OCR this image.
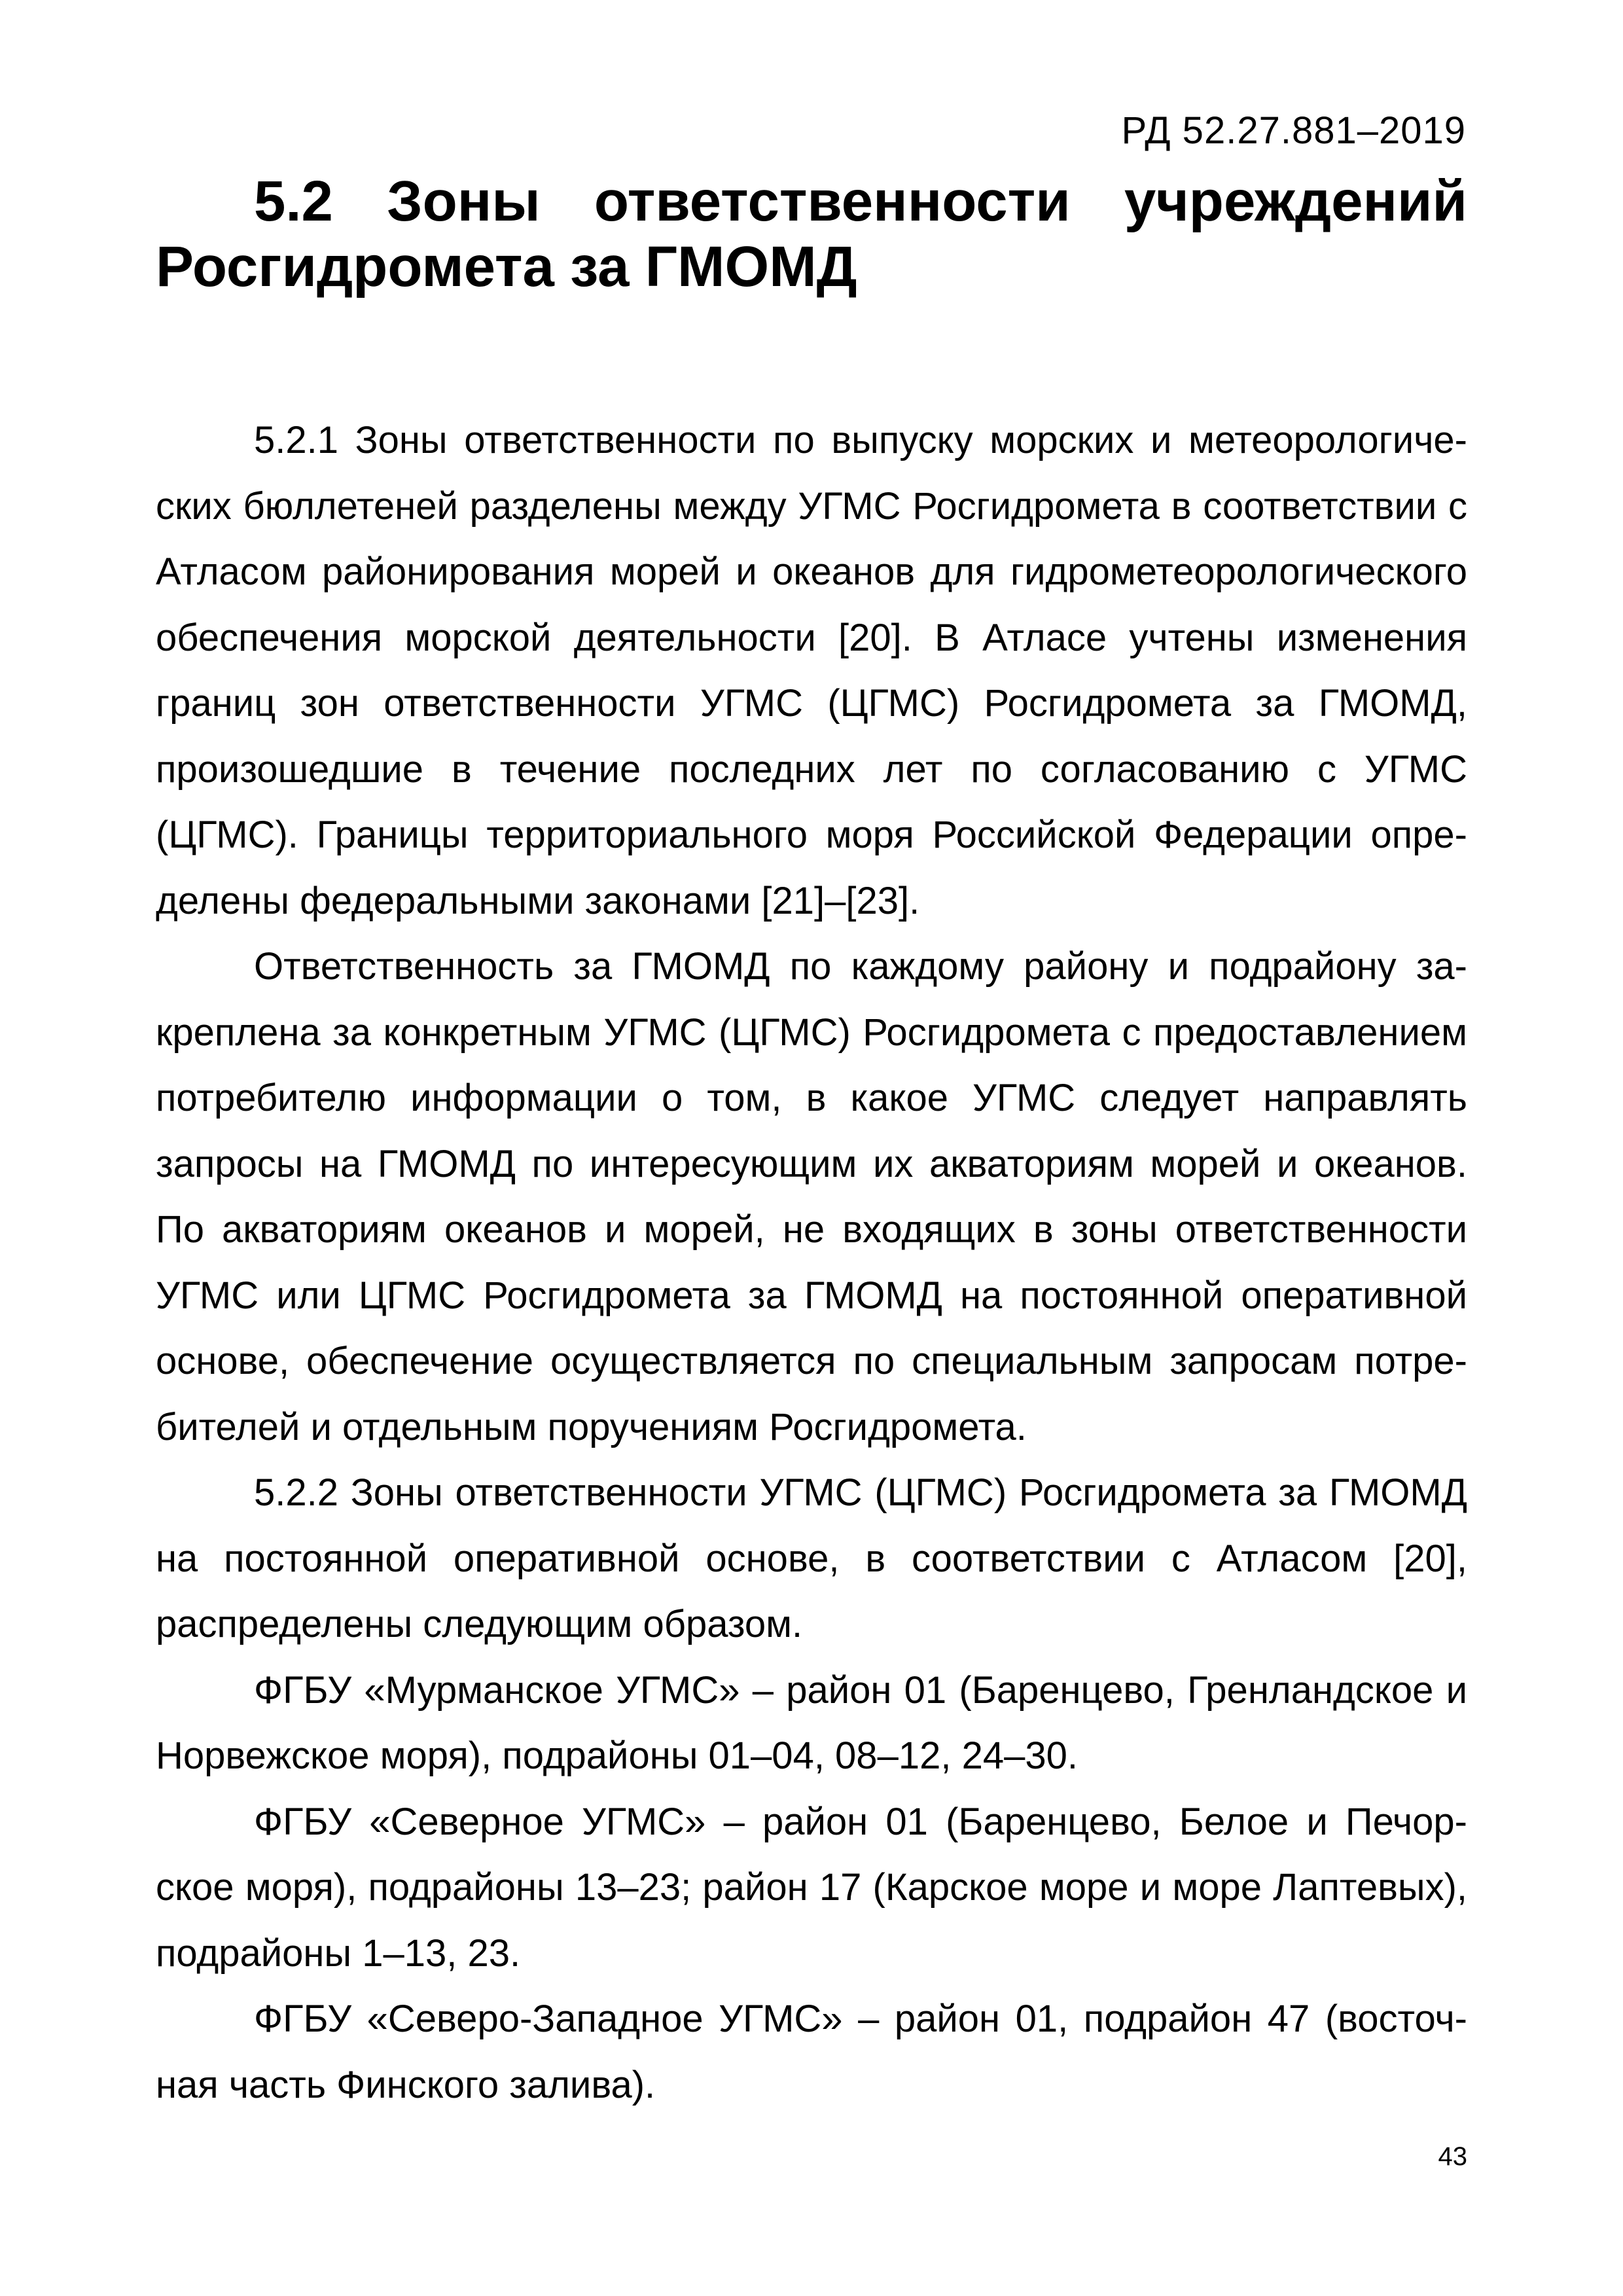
РД 52.27.881–2019
5.2 Зоны ответственности учреждений Росгидромета за ГМОМД

5.2.1 Зоны ответственности по выпуску морских и метеорологических бюллетеней разделены между УГМС Росгидромета в соответствии с Атласом районирования морей и океанов для гидрометеорологического обеспечения морской деятельности [20]. В Атласе учтены изменения границ зон ответственности УГМС (ЦГМС) Росгидромета за ГМОМД, произошедшие в течение последних лет по согласованию с УГМС (ЦГМС). Границы территориального моря Российской Федерации определены федеральными законами [21]–[23].

Ответственность за ГМОМД по каждому району и подрайону закреплена за конкретным УГМС (ЦГМС) Росгидромета с предоставлением потребителю информации о том, в какое УГМС следует направлять запросы на ГМОМД по интересующим их акваториям морей и океанов. По акваториям океанов и морей, не входящих в зоны ответственности УГМС или ЦГМС Росгидромета за ГМОМД на постоянной оперативной основе, обеспечение осуществляется по специальным запросам потребителей и отдельным поручениям Росгидромета.

5.2.2 Зоны ответственности УГМС (ЦГМС) Росгидромета за ГМОМД на постоянной оперативной основе, в соответствии с Атласом [20], распределены следующим образом.

ФГБУ «Мурманское УГМС» – район 01 (Баренцево, Гренландское и Норвежское моря), подрайоны 01–04, 08–12, 24–30.

ФГБУ «Северное УГМС» – район 01 (Баренцево, Белое и Печорское моря), подрайоны 13–23; район 17 (Карское море и море Лаптевых), подрайоны 1–13, 23.

ФГБУ «Северо-Западное УГМС» – район 01, подрайон 47 (восточная часть Финского залива).

43
